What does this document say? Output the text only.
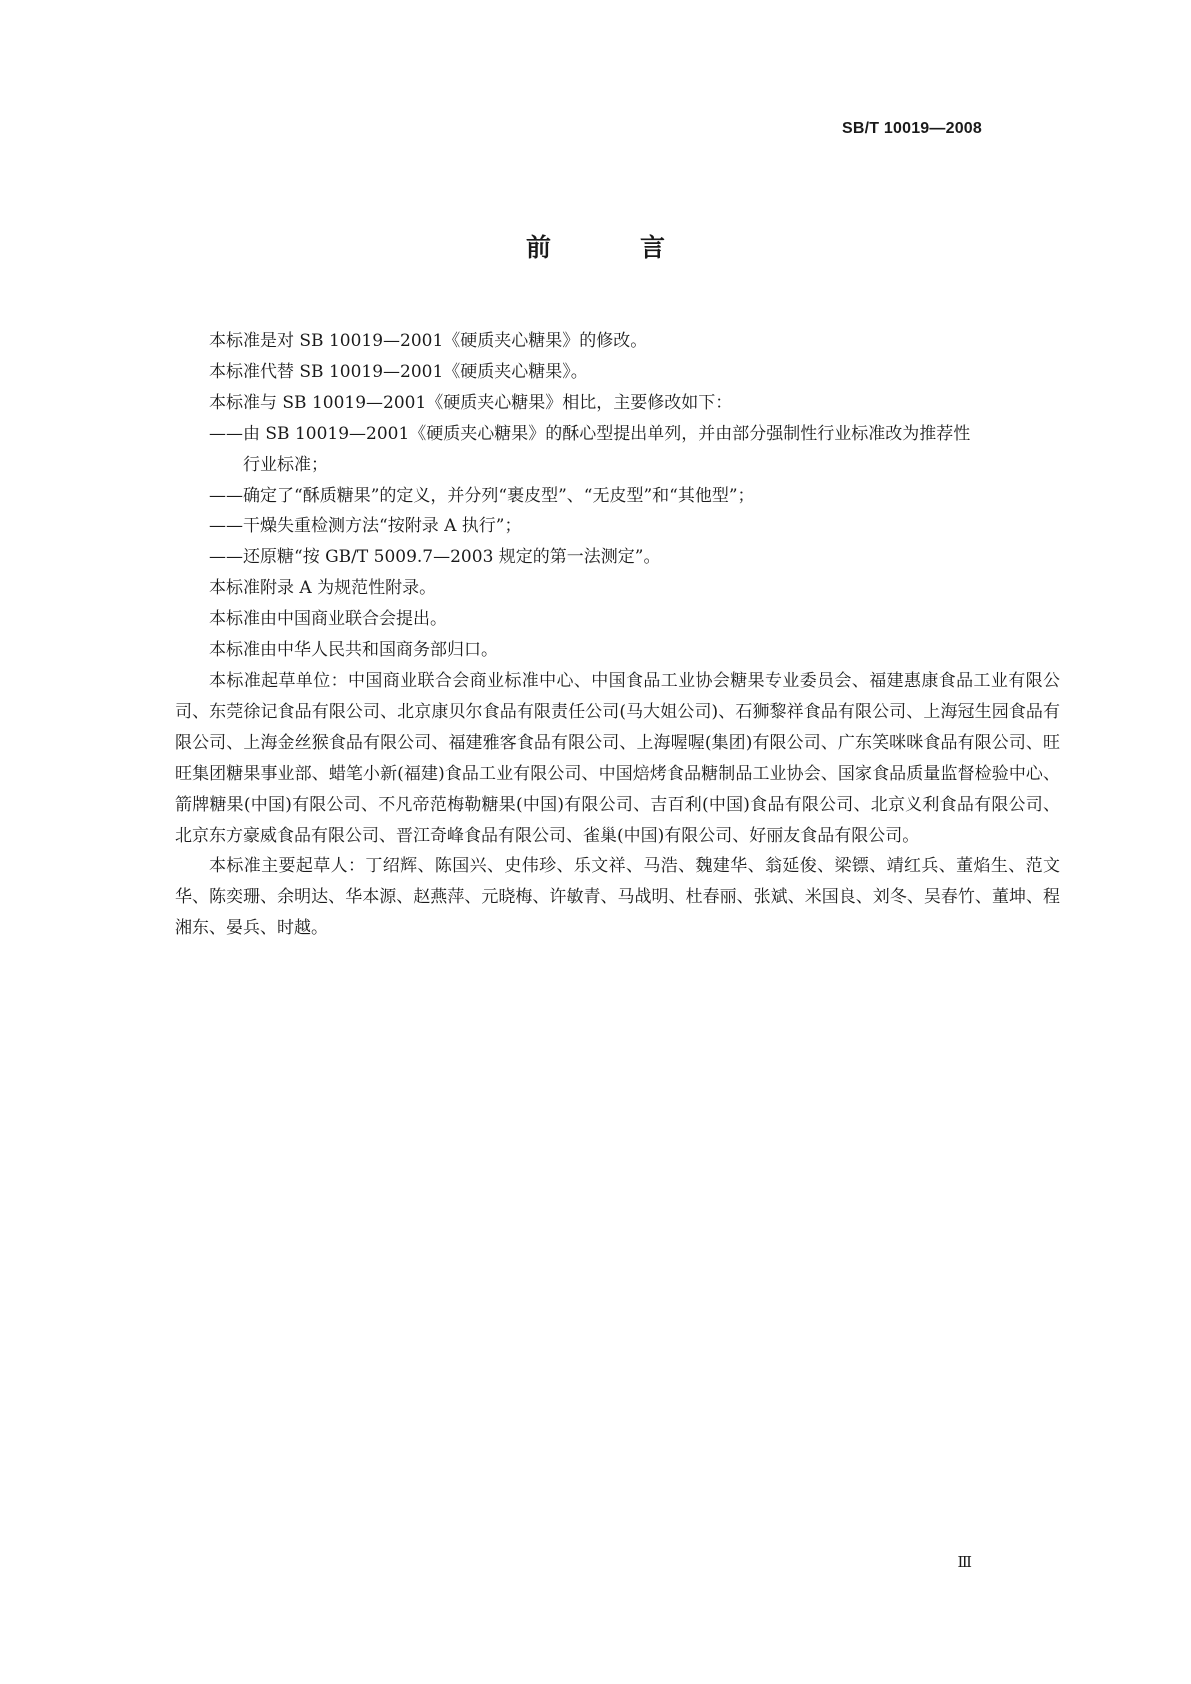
SB/T 10019—2008
前　言

本标准是对 SB 10019—2001《硬质夹心糖果》的修改。

本标准代替 SB 10019—2001《硬质夹心糖果》。

本标准与 SB 10019—2001《硬质夹心糖果》相比，主要修改如下：

——由 SB 10019—2001《硬质夹心糖果》的酥心型提出单列，并由部分强制性行业标准改为推荐性

行业标准；

——确定了“酥质糖果”的定义，并分列“裹皮型”、“无皮型”和“其他型”；

——干燥失重检测方法“按附录 A 执行”；

——还原糖“按 GB/T 5009.7—2003 规定的第一法测定”。

本标准附录 A 为规范性附录。

本标准由中国商业联合会提出。

本标准由中华人民共和国商务部归口。

本标准起草单位：中国商业联合会商业标准中心、中国食品工业协会糖果专业委员会、福建惠康食品工业有限公司、东莞徐记食品有限公司、北京康贝尔食品有限责任公司(马大姐公司)、石狮黎祥食品有限公司、上海冠生园食品有限公司、上海金丝猴食品有限公司、福建雅客食品有限公司、上海喔喔(集团)有限公司、广东笑咪咪食品有限公司、旺旺集团糖果事业部、蜡笔小新(福建)食品工业有限公司、中国焙烤食品糖制品工业协会、国家食品质量监督检验中心、箭牌糖果(中国)有限公司、不凡帝范梅勒糖果(中国)有限公司、吉百利(中国)食品有限公司、北京义利食品有限公司、北京东方豪威食品有限公司、晋江奇峰食品有限公司、雀巢(中国)有限公司、好丽友食品有限公司。

本标准主要起草人：丁绍辉、陈国兴、史伟珍、乐文祥、马浩、魏建华、翁延俊、梁镖、靖红兵、董焰生、范文华、陈奕珊、余明达、华本源、赵燕萍、元晓梅、许敏青、马战明、杜春丽、张斌、米国良、刘冬、吴春竹、董坤、程湘东、晏兵、时越。

Ⅲ
